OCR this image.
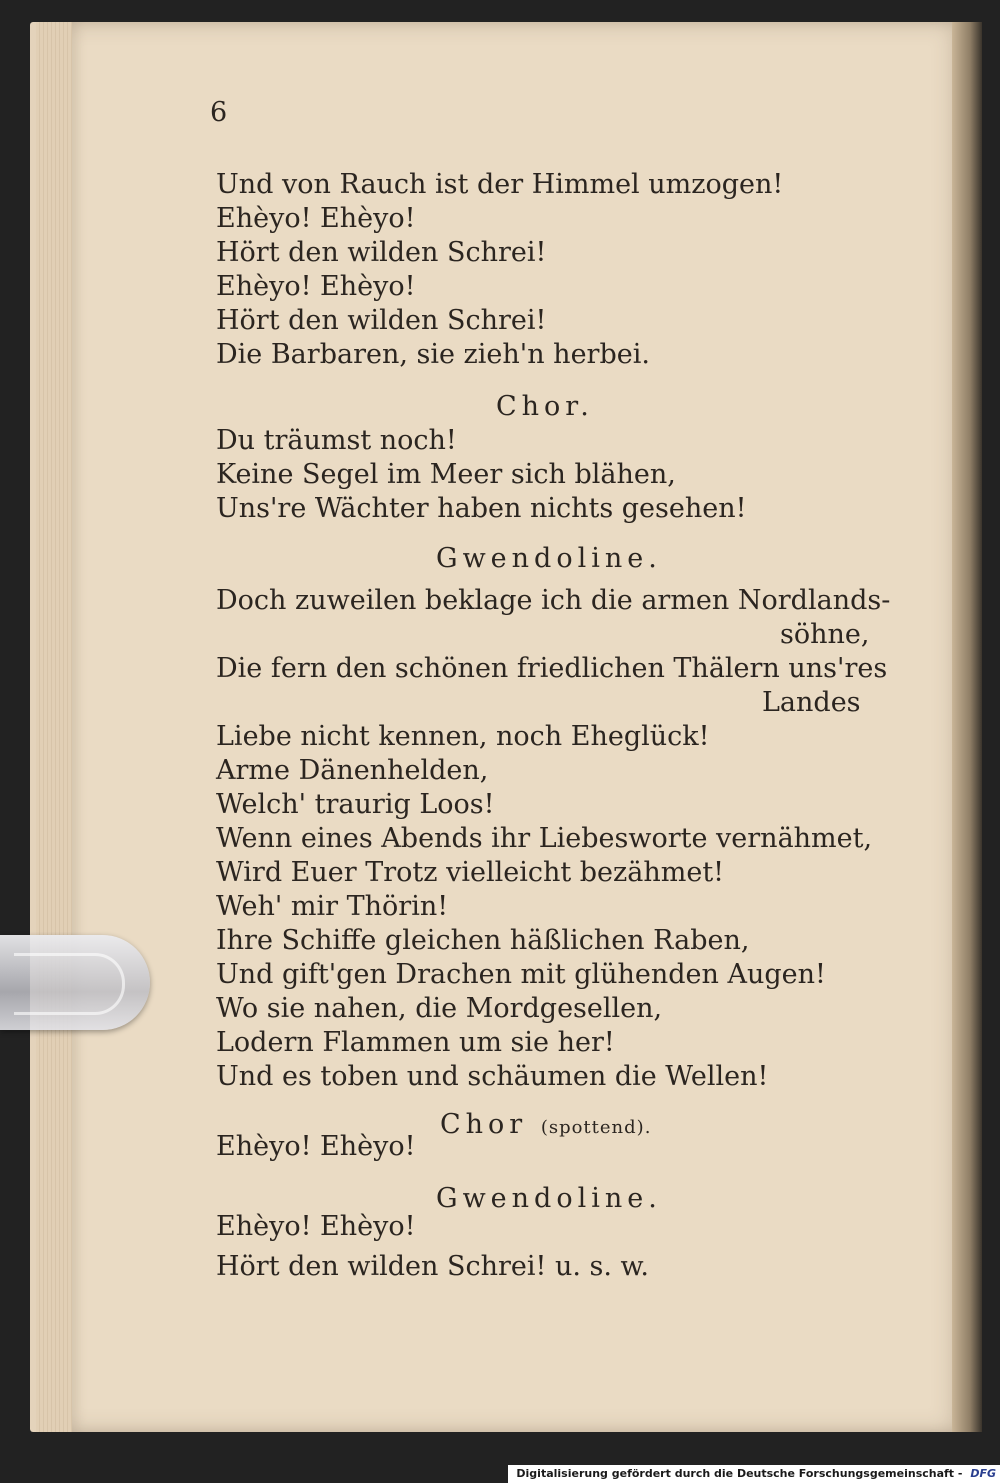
6
Und von Rauch ist der Himmel umzogen!
Ehèyo! Ehèyo!
Hört den wilden Schrei!
Ehèyo! Ehèyo!
Hört den wilden Schrei!
Die Barbaren, sie zieh'n herbei.
Chor.
Du träumst noch!
Keine Segel im Meer sich blähen,
Uns're Wächter haben nichts gesehen!
Gwendoline.
Doch zuweilen beklage ich die armen Nordlands-
söhne,
Die fern den schönen friedlichen Thälern uns'res
Landes
Liebe nicht kennen, noch Eheglück!
Arme Dänenhelden,
Welch' traurig Loos!
Wenn eines Abends ihr Liebesworte vernähmet,
Wird Euer Trotz vielleicht bezähmet!
Weh' mir Thörin!
Ihre Schiffe gleichen häßlichen Raben,
Und gift'gen Drachen mit glühenden Augen!
Wo sie nahen, die Mordgesellen,
Lodern Flammen um sie her!
Und es toben und schäumen die Wellen!
Chor (spottend).
Ehèyo! Ehèyo!
Gwendoline.
Ehèyo! Ehèyo!
Hört den wilden Schrei! u. s. w.
Digitalisierung gefördert durch die Deutsche Forschungsgemeinschaft - DFG
